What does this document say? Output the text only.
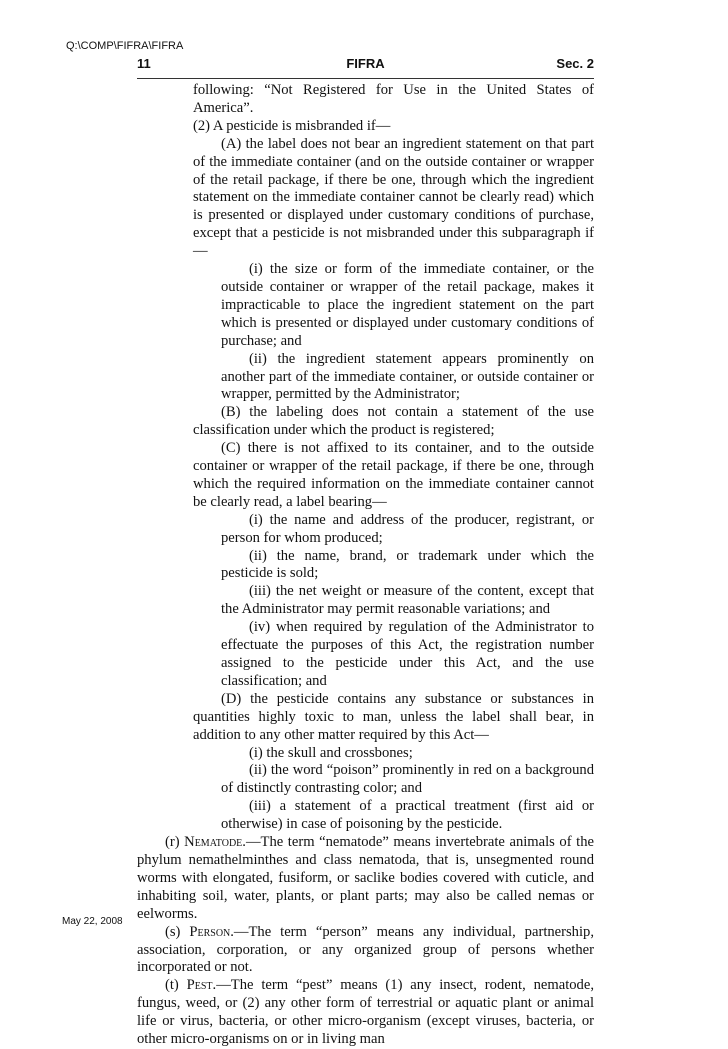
Q:\COMP\FIFRA\FIFRA
11	FIFRA	Sec. 2

following: “Not Registered for Use in the United States of America”.

(2) A pesticide is misbranded if—

(A) the label does not bear an ingredient statement on that part of the immediate container (and on the outside container or wrapper of the retail package, if there be one, through which the ingredient statement on the immediate container cannot be clearly read) which is presented or displayed under customary conditions of purchase, except that a pesticide is not misbranded under this subparagraph if—

(i) the size or form of the immediate container, or the outside container or wrapper of the retail package, makes it impracticable to place the ingredient statement on the part which is presented or displayed under customary conditions of purchase; and

(ii) the ingredient statement appears prominently on another part of the immediate container, or outside container or wrapper, permitted by the Administrator;

(B) the labeling does not contain a statement of the use classification under which the product is registered;

(C) there is not affixed to its container, and to the outside container or wrapper of the retail package, if there be one, through which the required information on the immediate container cannot be clearly read, a label bearing—

(i) the name and address of the producer, registrant, or person for whom produced;

(ii) the name, brand, or trademark under which the pesticide is sold;

(iii) the net weight or measure of the content, except that the Administrator may permit reasonable variations; and

(iv) when required by regulation of the Administrator to effectuate the purposes of this Act, the registration number assigned to the pesticide under this Act, and the use classification; and

(D) the pesticide contains any substance or substances in quantities highly toxic to man, unless the label shall bear, in addition to any other matter required by this Act—

(i) the skull and crossbones;

(ii) the word “poison” prominently in red on a background of distinctly contrasting color; and

(iii) a statement of a practical treatment (first aid or otherwise) in case of poisoning by the pesticide.

(r) Nematode.—The term “nematode” means invertebrate animals of the phylum nemathelminthes and class nematoda, that is, unsegmented round worms with elongated, fusiform, or saclike bodies covered with cuticle, and inhabiting soil, water, plants, or plant parts; may also be called nemas or eelworms.

(s) Person.—The term “person” means any individual, partnership, association, corporation, or any organized group of persons whether incorporated or not.

(t) Pest.—The term “pest” means (1) any insect, rodent, nematode, fungus, weed, or (2) any other form of terrestrial or aquatic plant or animal life or virus, bacteria, or other micro-organism (except viruses, bacteria, or other micro-organisms on or in living man

May 22, 2008
